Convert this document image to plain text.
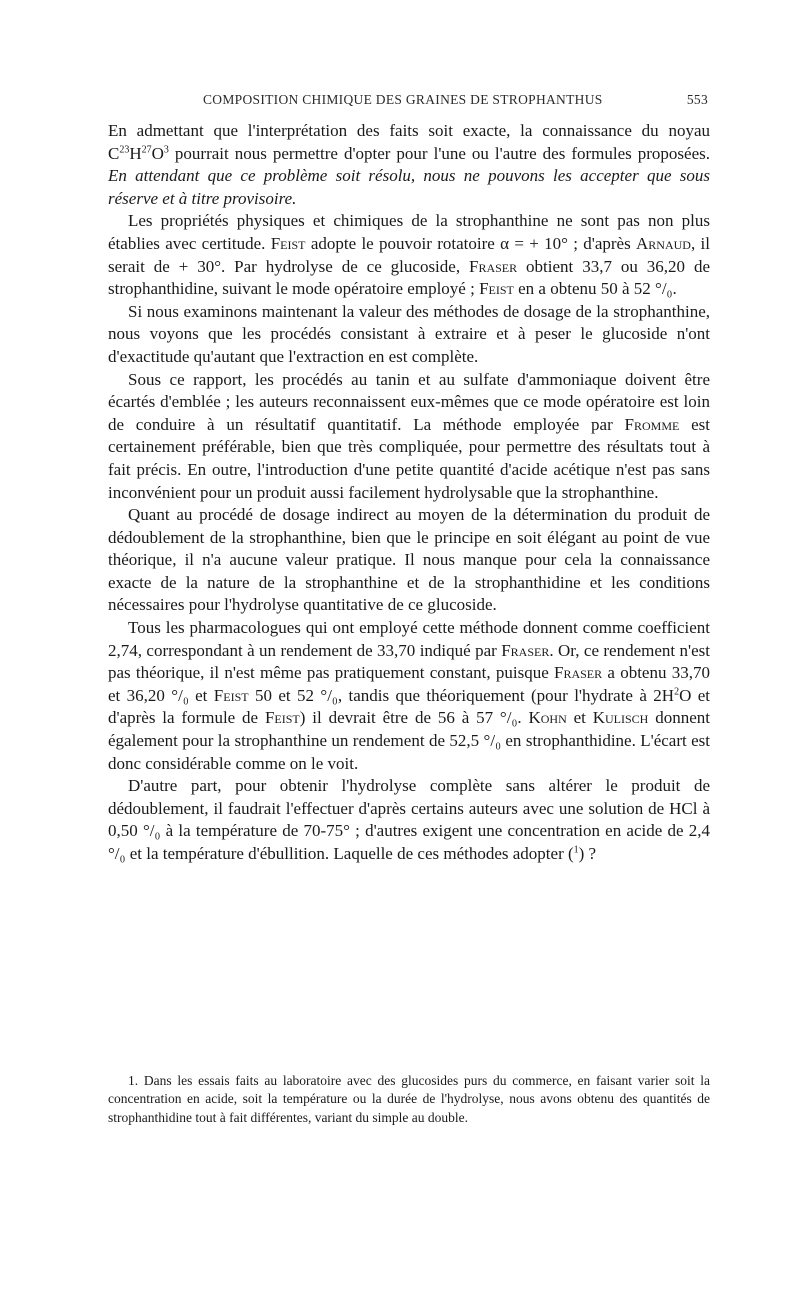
COMPOSITION CHIMIQUE DES GRAINES DE STROPHANTHUS	553

En admettant que l'interprétation des faits soit exacte, la connaissance du noyau $C^{23}H^{27}O^3$ pourrait nous permettre d'opter pour l'une ou l'autre des formules proposées. En attendant que ce problème soit résolu, nous ne pouvons les accepter que sous réserve et à titre provisoire.

Les propriétés physiques et chimiques de la strophanthine ne sont pas non plus établies avec certitude. Feist adopte le pouvoir rotatoire α = + 10° ; d'après Arnaud, il serait de + 30°. Par hydrolyse de ce glucoside, Fraser obtient 33,7 ou 36,20 de strophanthidine, suivant le mode opératoire employé ; Feist en a obtenu 50 à 52 °/₀.

Si nous examinons maintenant la valeur des méthodes de dosage de la strophanthine, nous voyons que les procédés consistant à extraire et à peser le glucoside n'ont d'exactitude qu'autant que l'extraction en est complète.

Sous ce rapport, les procédés au tanin et au sulfate d'ammoniaque doivent être écartés d'emblée ; les auteurs reconnaissent eux-mêmes que ce mode opératoire est loin de conduire à un résultatif quantitatif. La méthode employée par Fromme est certainement préférable, bien que très compliquée, pour permettre des résultats tout à fait précis. En outre, l'introduction d'une petite quantité d'acide acétique n'est pas sans inconvénient pour un produit aussi facilement hydrolysable que la strophanthine.

Quant au procédé de dosage indirect au moyen de la détermination du produit de dédoublement de la strophanthine, bien que le principe en soit élégant au point de vue théorique, il n'a aucune valeur pratique. Il nous manque pour cela la connaissance exacte de la nature de la strophanthine et de la strophanthidine et les conditions nécessaires pour l'hydrolyse quantitative de ce glucoside.

Tous les pharmacologues qui ont employé cette méthode donnent comme coefficient 2,74, correspondant à un rendement de 33,70 indiqué par Fraser. Or, ce rendement n'est pas théorique, il n'est même pas pratiquement constant, puisque Fraser a obtenu 33,70 et 36,20 °/₀ et Feist 50 et 52 °/₀, tandis que théoriquement (pour l'hydrate à $2H^2O$ et d'après la formule de Feist) il devrait être de 56 à 57 °/₀. Kohn et Kulisch donnent également pour la strophanthine un rendement de 52,5 °/₀ en strophanthidine. L'écart est donc considérable comme on le voit.

D'autre part, pour obtenir l'hydrolyse complète sans altérer le produit de dédoublement, il faudrait l'effectuer d'après certains auteurs avec une solution de HCl à 0,50 °/₀ à la température de 70-75° ; d'autres exigent une concentration en acide de 2,4 °/₀ et la température d'ébullition. Laquelle de ces méthodes adopter ($^1$) ?

1. Dans les essais faits au laboratoire avec des glucosides purs du commerce, en faisant varier soit la concentration en acide, soit la température ou la durée de l'hydrolyse, nous avons obtenu des quantités de strophanthidine tout à fait différentes, variant du simple au double.
